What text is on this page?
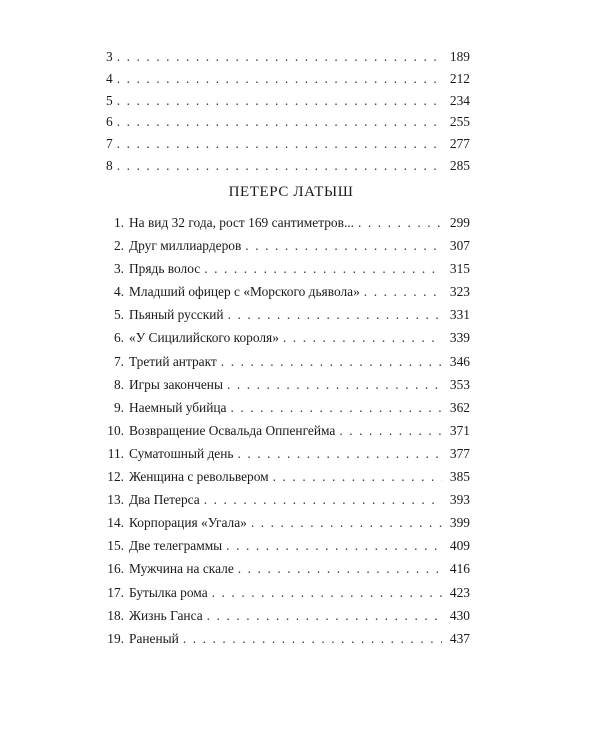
3 . . .	189
4 . . .	212
5 . . .	234
6 . . .	255
7 . . .	277
8 . . .	285
ПЕТЕРС ЛАТЫШ
1. На вид 32 года, рост 169 сантиметров... . . .	299
2. Друг миллиардеров . . .	307
3. Прядь волос . . .	315
4. Младший офицер с «Морского дьявола» . . .	323
5. Пьяный русский . . .	331
6. «У Сицилийского короля» . . .	339
7. Третий антракт . . .	346
8. Игры закончены . . .	353
9. Наемный убийца . . .	362
10. Возвращение Освальда Оппенгейма . . .	371
11. Суматошный день . . .	377
12. Женщина с револьвером . . .	385
13. Два Петерса . . .	393
14. Корпорация «Угала» . . .	399
15. Две телеграммы . . .	409
16. Мужчина на скале . . .	416
17. Бутылка рома . . .	423
18. Жизнь Ганса . . .	430
19. Раненый . . .	437
